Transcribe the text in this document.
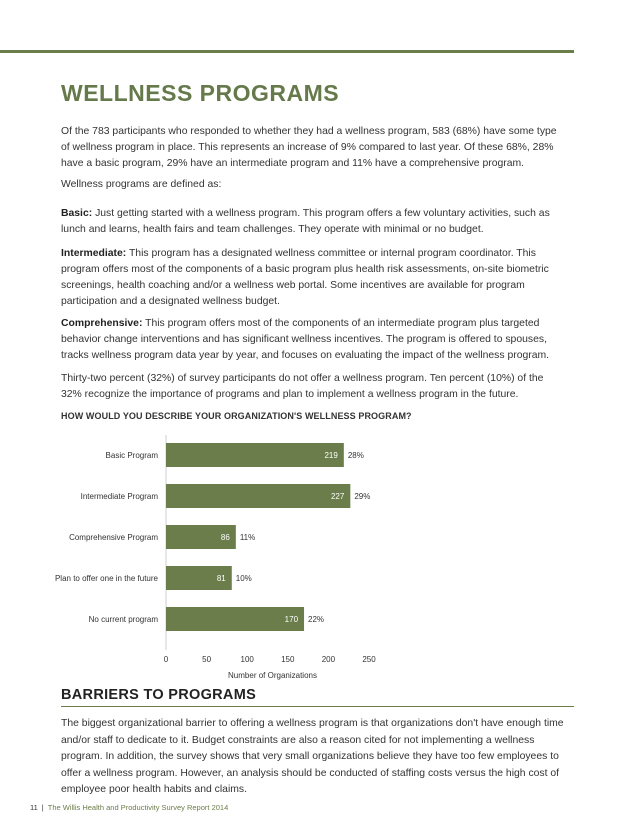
WELLNESS PROGRAMS

Of the 783 participants who responded to whether they had a wellness program, 583 (68%) have some type of wellness program in place. This represents an increase of 9% compared to last year. Of these 68%, 28% have a basic program, 29% have an intermediate program and 11% have a comprehensive program.

Wellness programs are defined as:

Basic: Just getting started with a wellness program. This program offers a few voluntary activities, such as lunch and learns, health fairs and team challenges. They operate with minimal or no budget.

Intermediate: This program has a designated wellness committee or internal program coordinator. This program offers most of the components of a basic program plus health risk assessments, on-site biometric screenings, health coaching and/or a wellness web portal. Some incentives are available for program participation and a designated wellness budget.

Comprehensive: This program offers most of the components of an intermediate program plus targeted behavior change interventions and has significant wellness incentives. The program is offered to spouses, tracks wellness program data year by year, and focuses on evaluating the impact of the wellness program.

Thirty-two percent (32%) of survey participants do not offer a wellness program. Ten percent (10%) of the 32% recognize the importance of programs and plan to implement a wellness program in the future.

HOW WOULD YOU DESCRIBE YOUR ORGANIZATION'S WELLNESS PROGRAM?

Basic Program	219 28%
Intermediate Program	227 29%
Comprehensive Program	86 11%
Plan to offer one in the future	81 10%
No current program	170 22%
0	50	100	150	200	250
Number of Organizations
BARRIERS TO PROGRAMS

The biggest organizational barrier to offering a wellness program is that organizations don't have enough time and/or staff to dedicate to it. Budget constraints are also a reason cited for not implementing a wellness program. In addition, the survey shows that very small organizations believe they have too few employees to offer a wellness program. However, an analysis should be conducted of staffing costs versus the high cost of employee poor health habits and claims.

11 | The Willis Health and Productivity Survey Report 2014
